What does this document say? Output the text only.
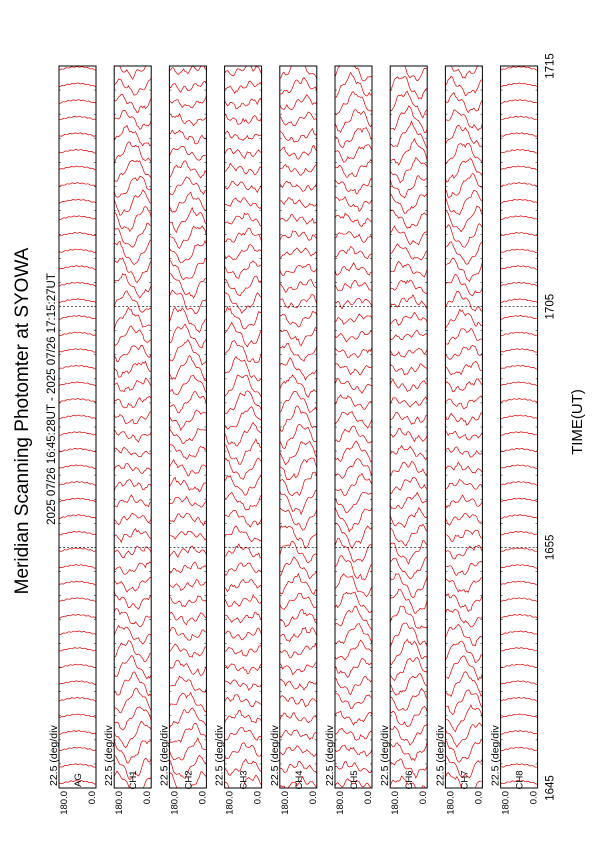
Meridian Scanning Photomter at SYOWA 2025 07/26 16:45:28UT - 2025 07/26 17:15:27UT	TIME(UT)
22.5 (deg/div AG
180.0 0.0
22.5 (deg/div CH1
180.0 0.0
22.5 (deg/div CH2
180.0 0.0
22.5 (deg/div CH3
180.0 0.0
22.5 (deg/div CH4
180.0 0.0
22.5 (deg/div CH5
180.0 0.0
22.5 (deg/div CH6
180.0 0.0
22.5 (deg/div CH7
180.0 0.0
22.5 (deg/div CH8
180.0 0.0 1645
1655
1705
1715
